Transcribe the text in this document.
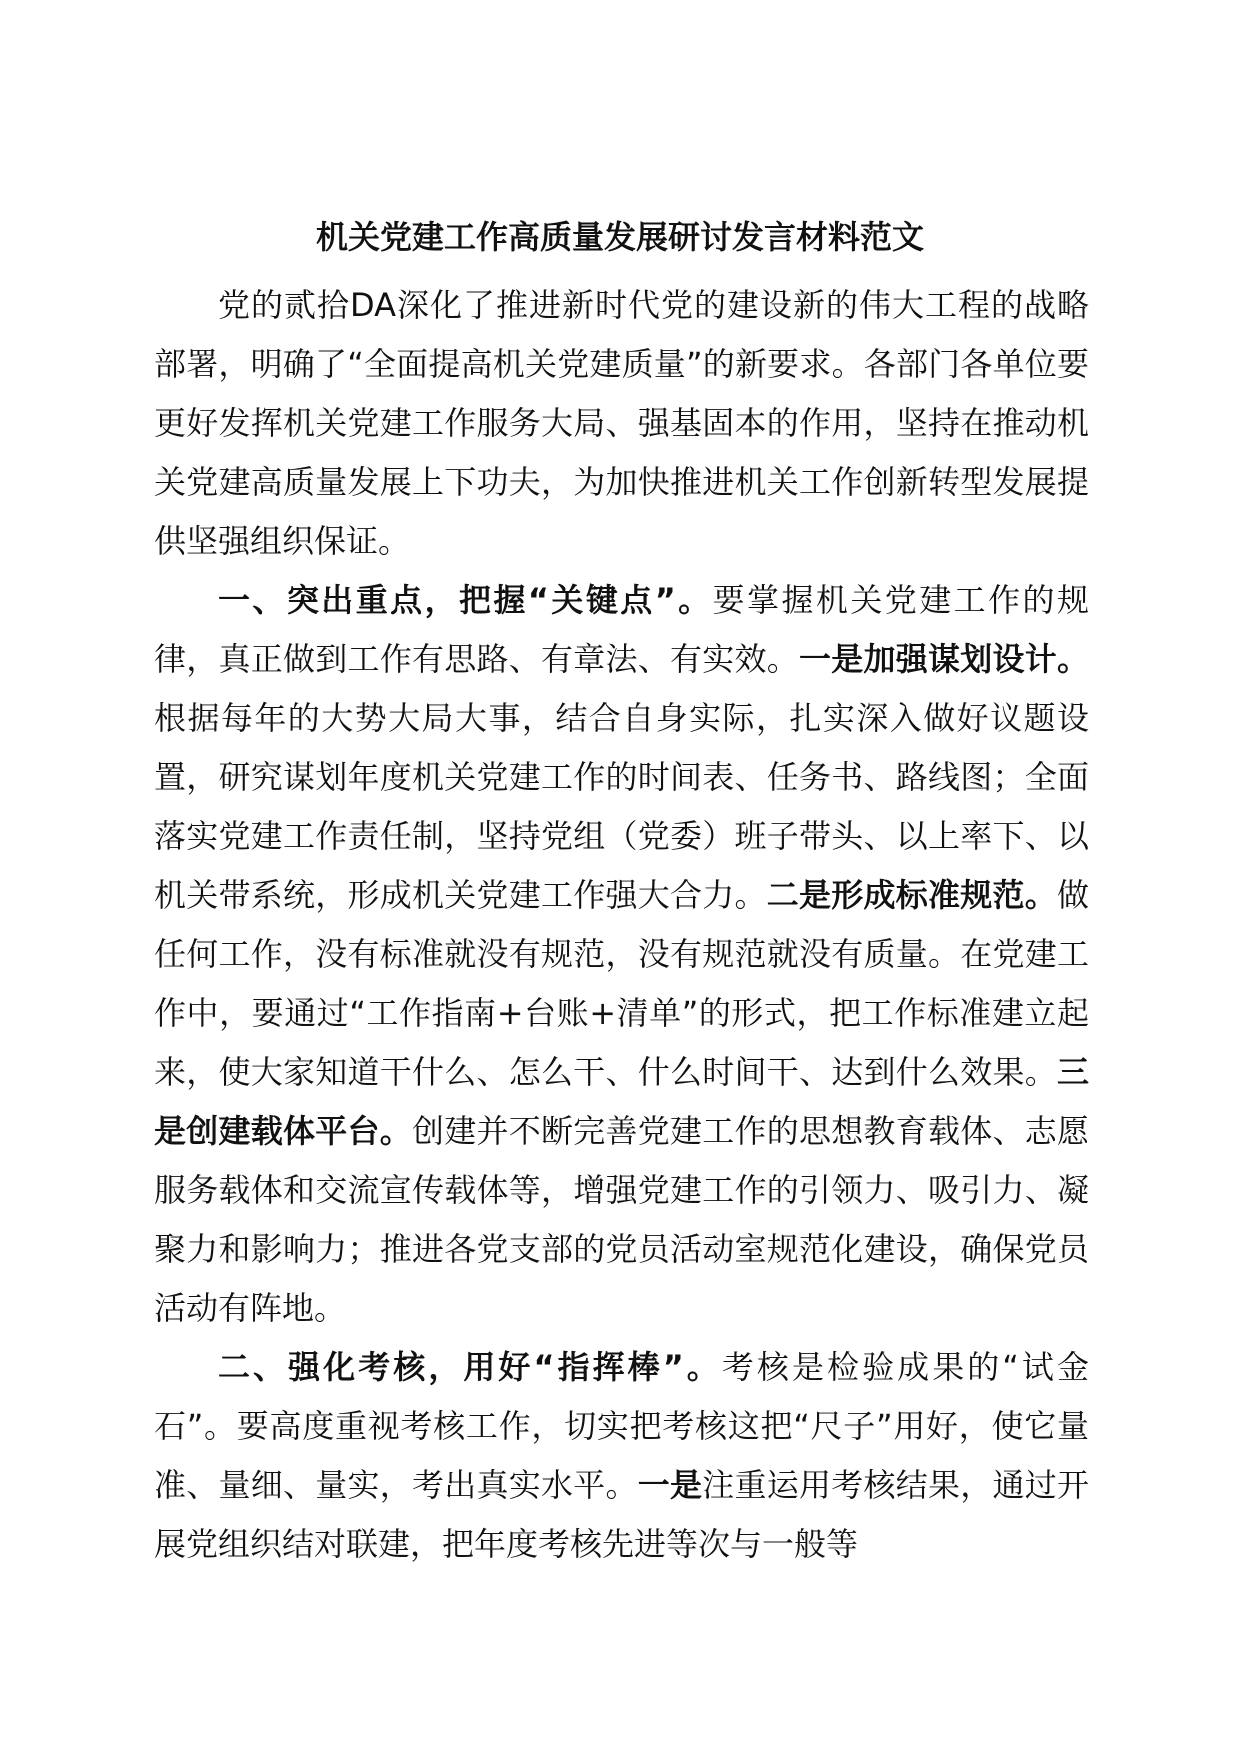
机关党建工作高质量发展研讨发言材料范文

党的贰拾DA深化了推进新时代党的建设新的伟大工程的战略部署，明确了“全面提高机关党建质量”的新要求。各部门各单位要更好发挥机关党建工作服务大局、强基固本的作用，坚持在推动机关党建高质量发展上下功夫，为加快推进机关工作创新转型发展提供坚强组织保证。

一、突出重点，把握“关键点”。要掌握机关党建工作的规律，真正做到工作有思路、有章法、有实效。一是加强谋划设计。根据每年的大势大局大事，结合自身实际，扎实深入做好议题设置，研究谋划年度机关党建工作的时间表、任务书、路线图；全面落实党建工作责任制，坚持党组（党委）班子带头、以上率下、以机关带系统，形成机关党建工作强大合力。二是形成标准规范。做任何工作，没有标准就没有规范，没有规范就没有质量。在党建工作中，要通过“工作指南+台账+清单”的形式，把工作标准建立起来，使大家知道干什么、怎么干、什么时间干、达到什么效果。三是创建载体平台。创建并不断完善党建工作的思想教育载体、志愿服务载体和交流宣传载体等，增强党建工作的引领力、吸引力、凝聚力和影响力；推进各党支部的党员活动室规范化建设，确保党员活动有阵地。

二、强化考核，用好“指挥棒”。考核是检验成果的“试金石”。要高度重视考核工作，切实把考核这把“尺子”用好，使它量准、量细、量实，考出真实水平。一是注重运用考核结果，通过开展党组织结对联建，把年度考核先进等次与一般等
